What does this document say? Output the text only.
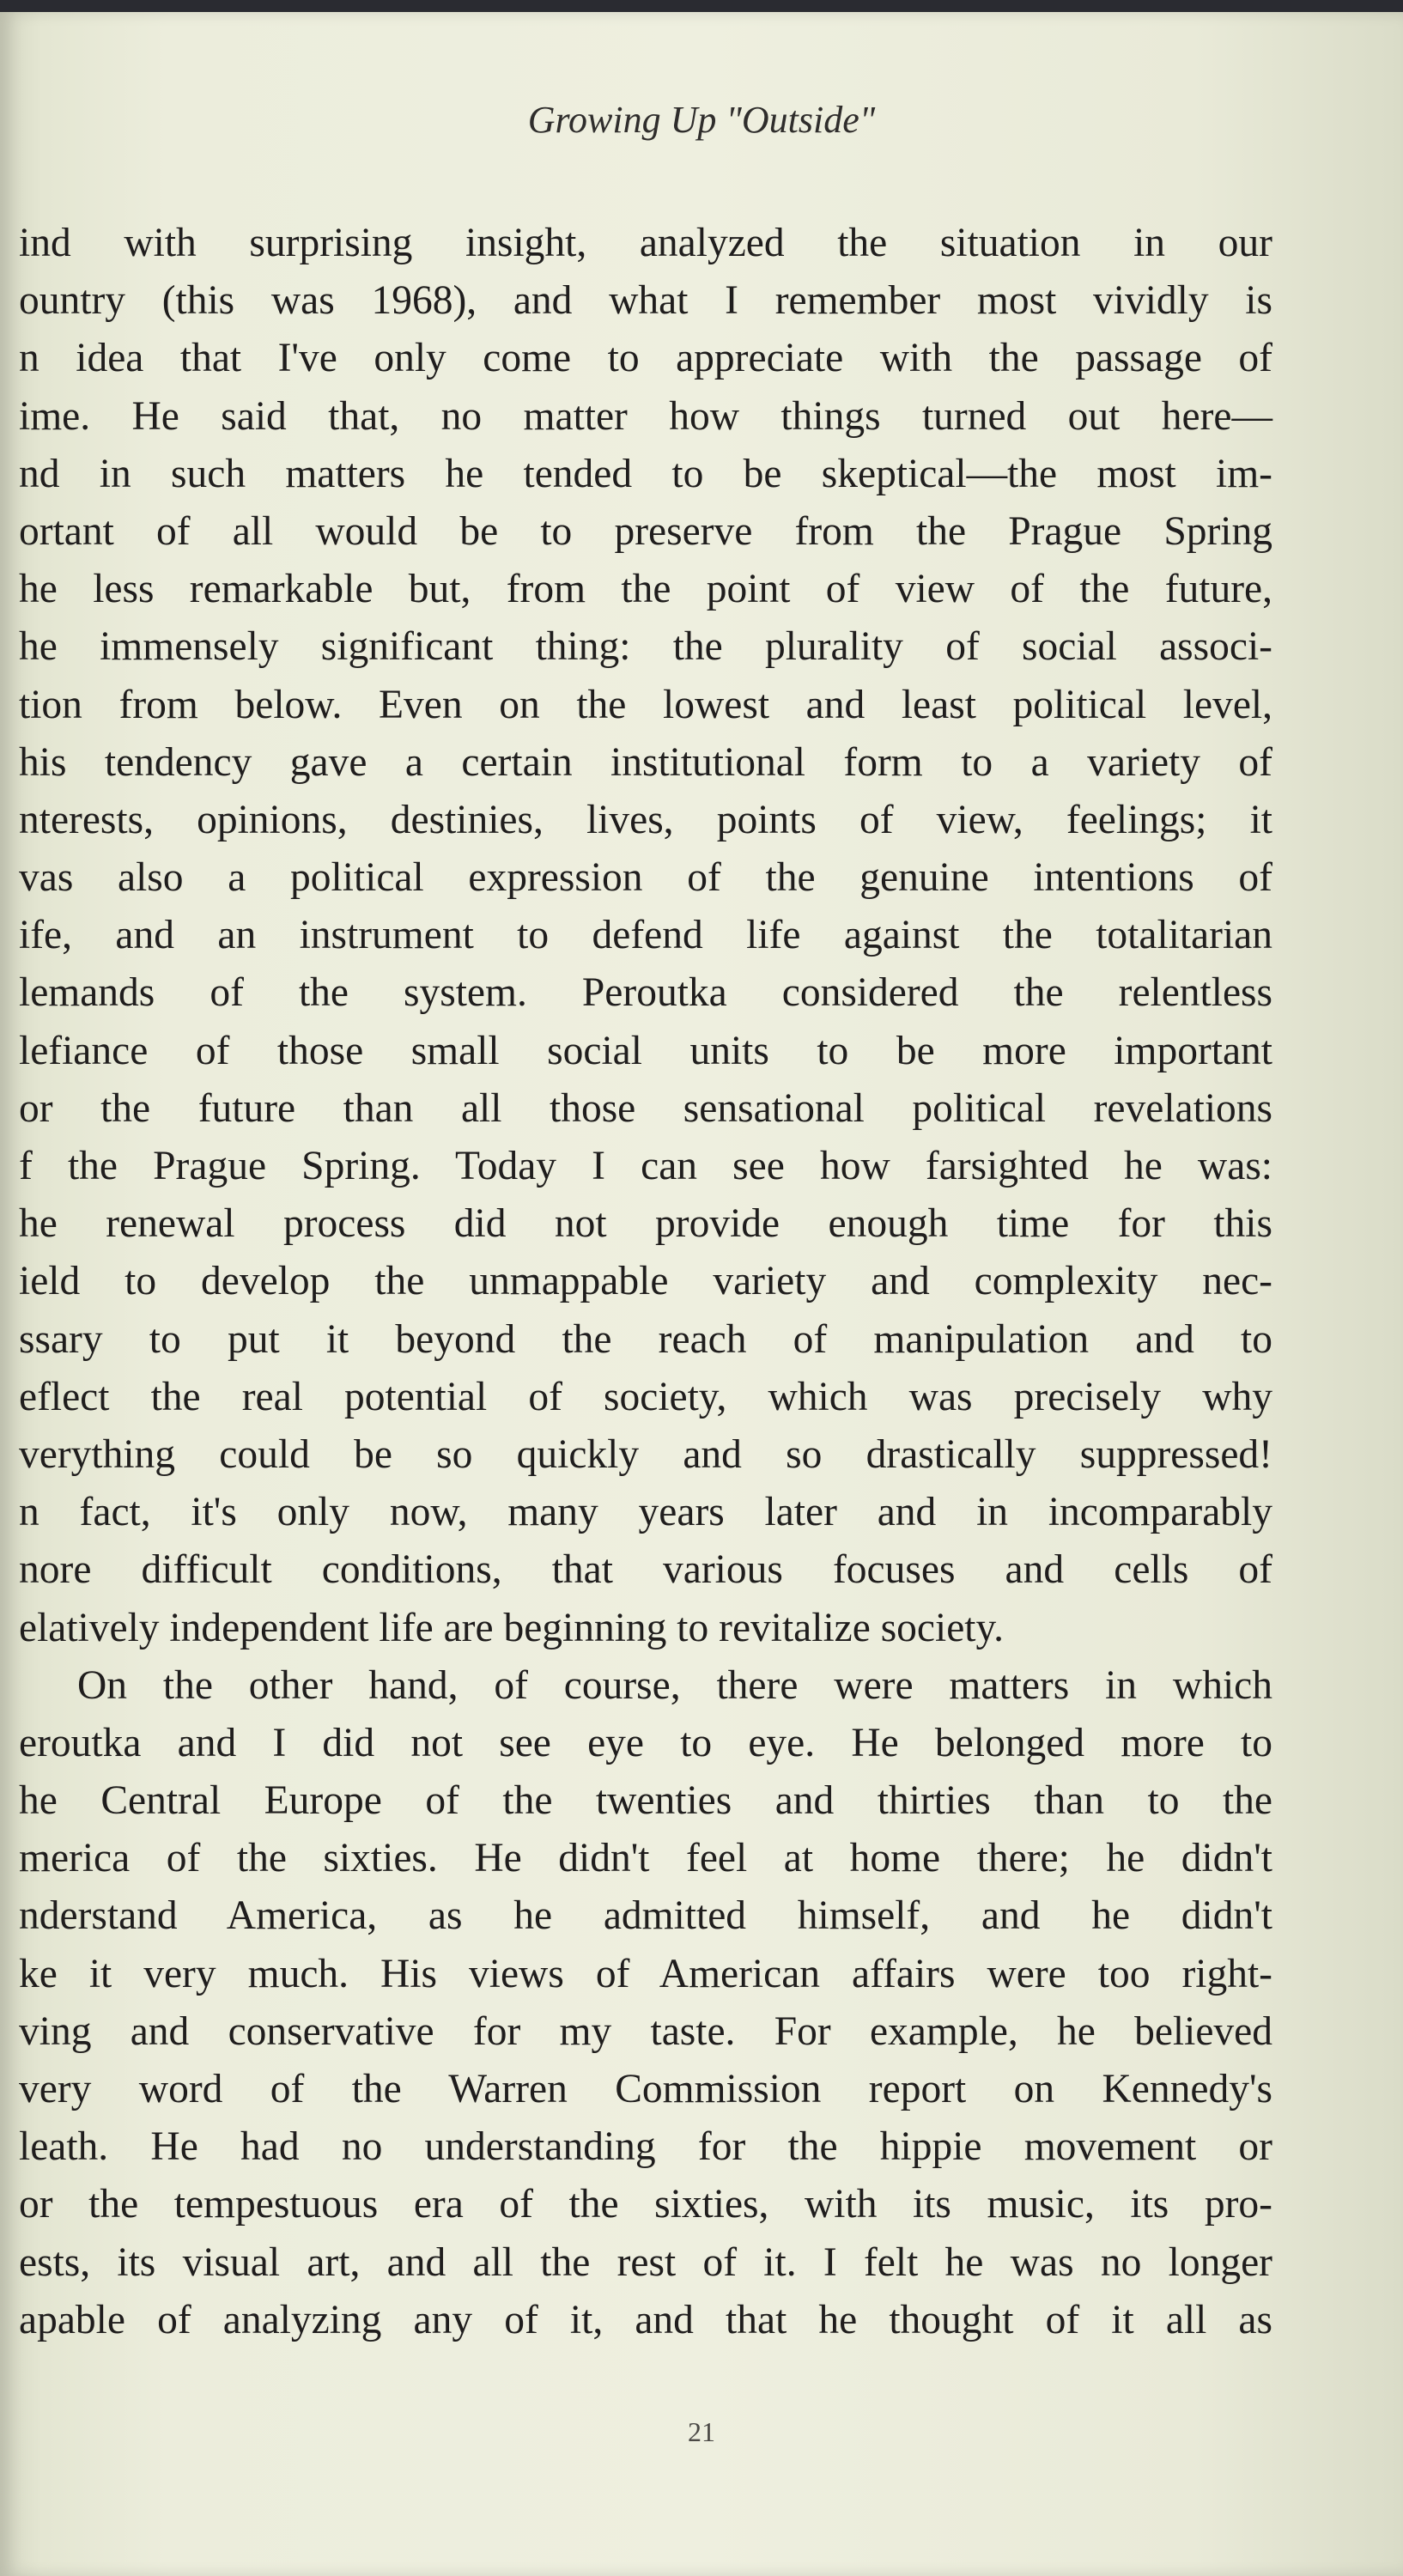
Growing Up "Outside"
ind with surprising insight, analyzed the situation in our
ountry (this was 1968), and what I remember most vividly is
n idea that I've only come to appreciate with the passage of
ime. He said that, no matter how things turned out here—
nd in such matters he tended to be skeptical—the most im-
ortant of all would be to preserve from the Prague Spring
he less remarkable but, from the point of view of the future,
he immensely significant thing: the plurality of social associ-
tion from below. Even on the lowest and least political level,
his tendency gave a certain institutional form to a variety of
nterests, opinions, destinies, lives, points of view, feelings; it
vas also a political expression of the genuine intentions of
ife, and an instrument to defend life against the totalitarian
lemands of the system. Peroutka considered the relentless
lefiance of those small social units to be more important
or the future than all those sensational political revelations
f the Prague Spring. Today I can see how farsighted he was:
he renewal process did not provide enough time for this
ield to develop the unmappable variety and complexity nec-
ssary to put it beyond the reach of manipulation and to
eflect the real potential of society, which was precisely why
verything could be so quickly and so drastically suppressed!
n fact, it's only now, many years later and in incomparably
nore difficult conditions, that various focuses and cells of
elatively independent life are beginning to revitalize society.
On the other hand, of course, there were matters in which
eroutka and I did not see eye to eye. He belonged more to
he Central Europe of the twenties and thirties than to the
merica of the sixties. He didn't feel at home there; he didn't
nderstand America, as he admitted himself, and he didn't
ke it very much. His views of American affairs were too right-
ving and conservative for my taste. For example, he believed
very word of the Warren Commission report on Kennedy's
leath. He had no understanding for the hippie movement or
or the tempestuous era of the sixties, with its music, its pro-
ests, its visual art, and all the rest of it. I felt he was no longer
apable of analyzing any of it, and that he thought of it all as
21
